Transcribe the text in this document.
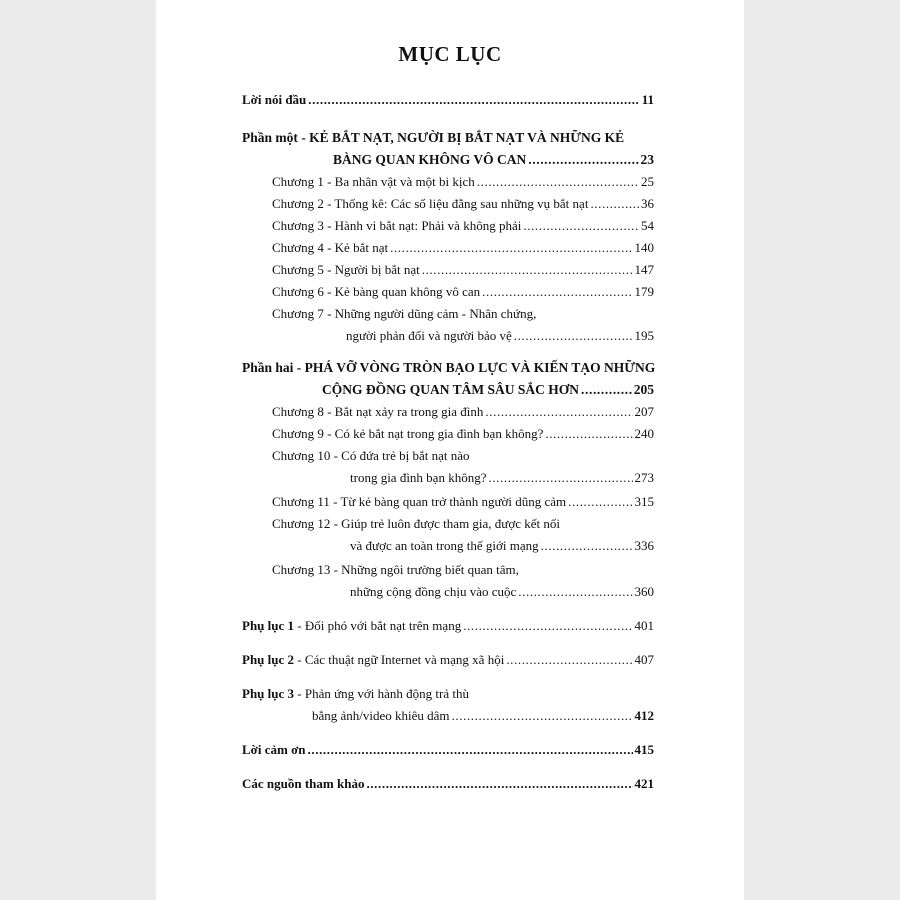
MỤC LỤC
Lời nói đầu .....	11
Phần một - KẺ BẮT NẠT, NGƯỜI BỊ BẮT NẠT VÀ NHỮNG KẺ
BÀNG QUAN KHÔNG VÔ CAN .....	23
Chương 1 - Ba nhân vật và một bi kịch .....	25
Chương 2 - Thống kê: Các số liệu đằng sau những vụ bắt nạt .....	36
Chương 3 - Hành vi bắt nạt: Phải và không phải .....	54
Chương 4 - Kẻ bắt nạt .....	140
Chương 5 - Người bị bắt nạt .....	147
Chương 6 - Kẻ bàng quan không vô can .....	179
Chương 7 - Những người dũng cảm - Nhân chứng,
người phản đối và người bảo vệ .....	195
Phần hai - PHÁ VỠ VÒNG TRÒN BẠO LỰC VÀ KIẾN TẠO NHỮNG
CỘNG ĐỒNG QUAN TÂM SÂU SẮC HƠN .....	205
Chương 8 - Bắt nạt xảy ra trong gia đình .....	207
Chương 9 - Có kẻ bắt nạt trong gia đình bạn không? .....	240
Chương 10 - Có đứa trẻ bị bắt nạt nào
trong gia đình bạn không? .....	273
Chương 11 - Từ kẻ bàng quan trở thành người dũng cảm .....	315
Chương 12 - Giúp trẻ luôn được tham gia, được kết nối
và được an toàn trong thế giới mạng .....	336
Chương 13 - Những ngôi trường biết quan tâm,
những cộng đồng chịu vào cuộc .....	360
Phụ lục 1 - Đối phó với bắt nạt trên mạng .....	401
Phụ lục 2 - Các thuật ngữ Internet và mạng xã hội .....	407
Phụ lục 3 - Phản ứng với hành động trả thù
bằng ảnh/video khiêu dâm .....	412
Lời cảm ơn .....	415
Các nguồn tham khảo .....	421
